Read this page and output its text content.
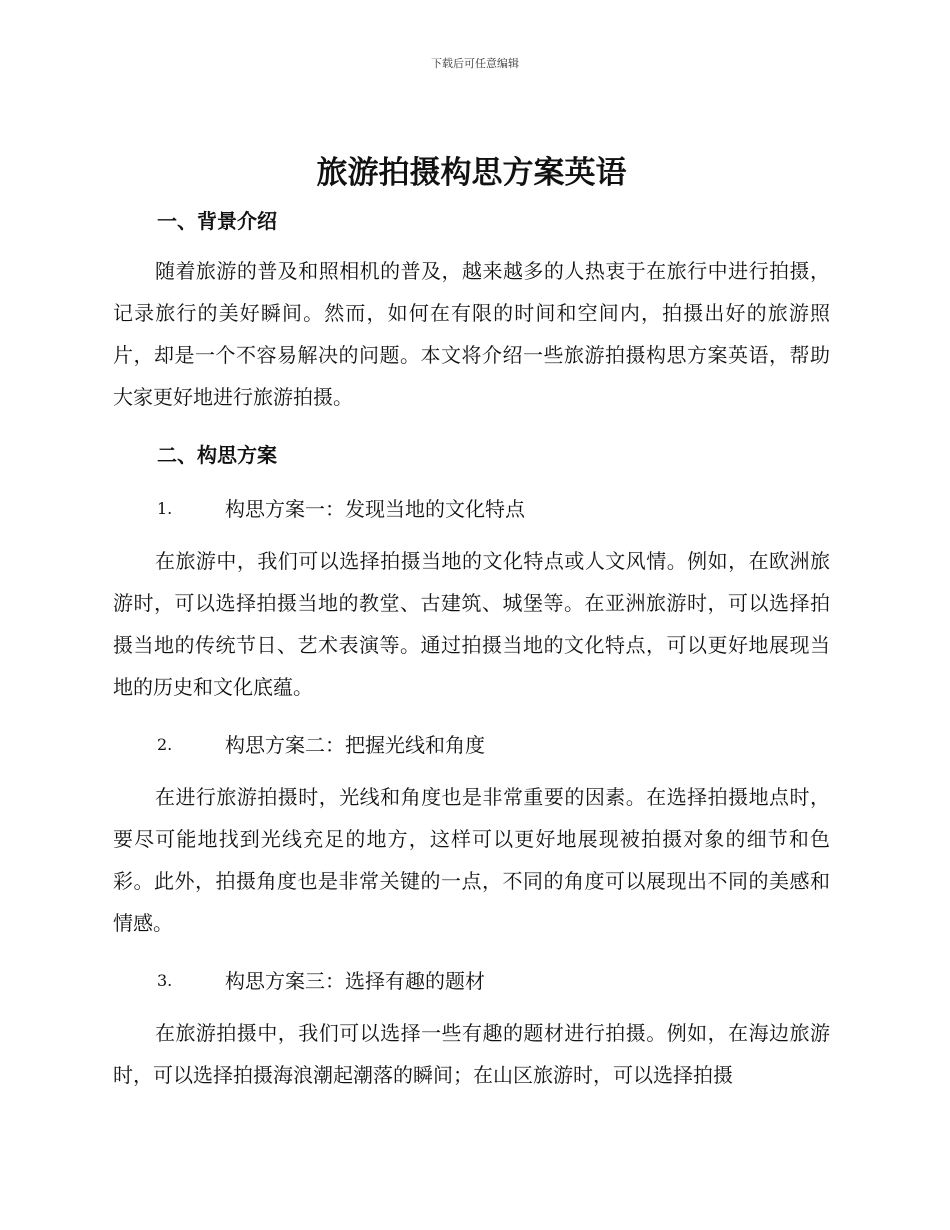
下载后可任意编辑
旅游拍摄构思方案英语
一、背景介绍

随着旅游的普及和照相机的普及，越来越多的人热衷于在旅行中进行拍摄，记录旅行的美好瞬间。然而，如何在有限的时间和空间内，拍摄出好的旅游照片，却是一个不容易解决的问题。本文将介绍一些旅游拍摄构思方案英语，帮助大家更好地进行旅游拍摄。

二、构思方案
1.	构思方案一：发现当地的文化特点

在旅游中，我们可以选择拍摄当地的文化特点或人文风情。例如，在欧洲旅游时，可以选择拍摄当地的教堂、古建筑、城堡等。在亚洲旅游时，可以选择拍摄当地的传统节日、艺术表演等。通过拍摄当地的文化特点，可以更好地展现当地的历史和文化底蕴。

2.	构思方案二：把握光线和角度

在进行旅游拍摄时，光线和角度也是非常重要的因素。在选择拍摄地点时，要尽可能地找到光线充足的地方，这样可以更好地展现被拍摄对象的细节和色彩。此外，拍摄角度也是非常关键的一点，不同的角度可以展现出不同的美感和情感。

3.	构思方案三：选择有趣的题材

在旅游拍摄中，我们可以选择一些有趣的题材进行拍摄。例如，在海边旅游时，可以选择拍摄海浪潮起潮落的瞬间；在山区旅游时，可以选择拍摄
